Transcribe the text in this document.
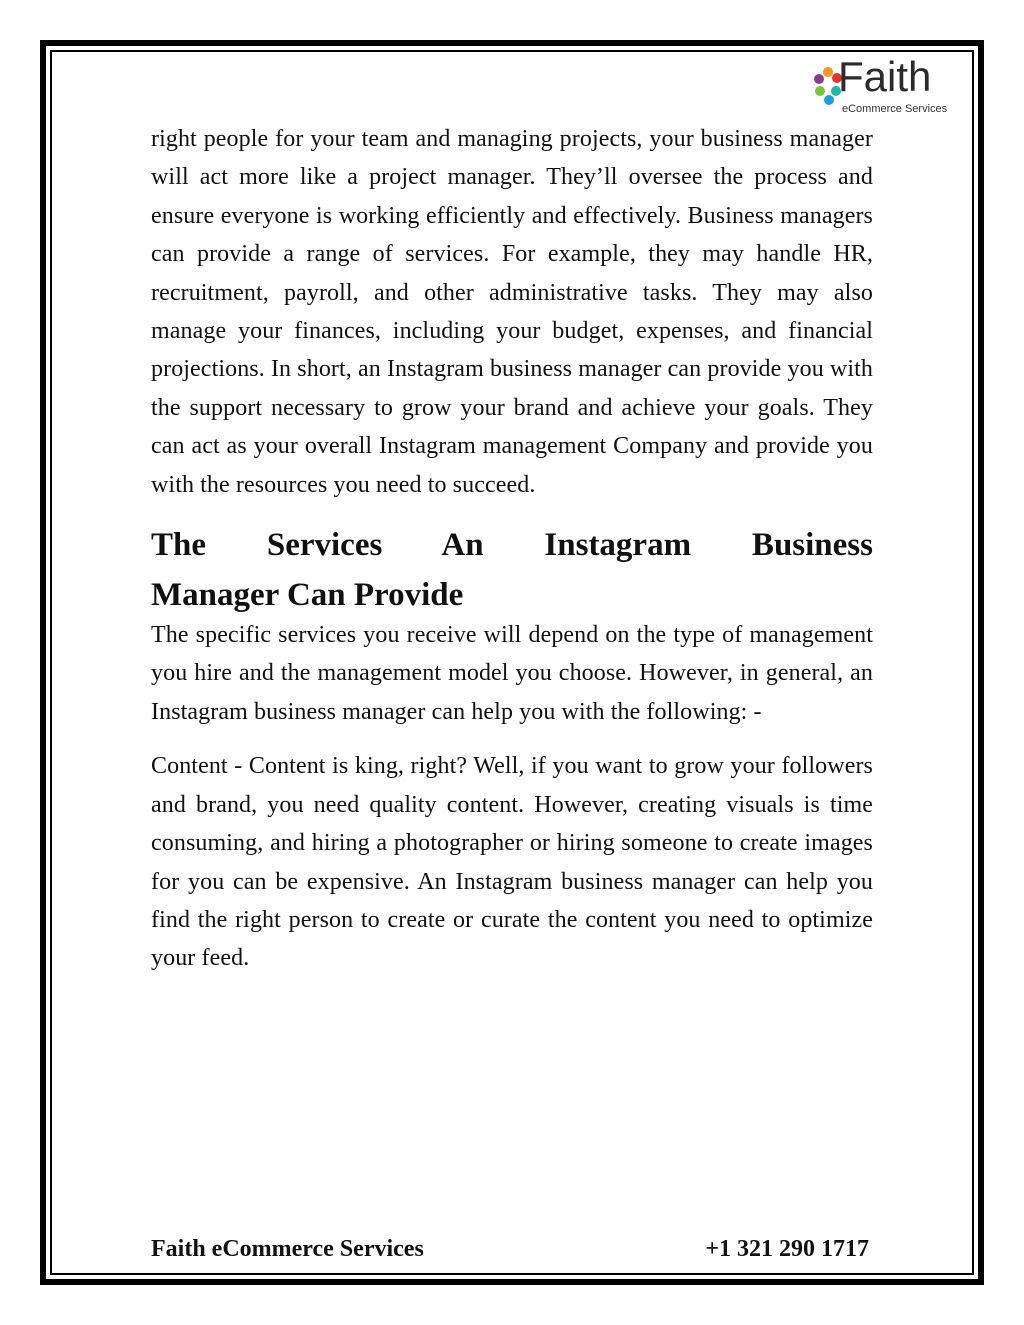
Faith
eCommerce Services

right people for your team and managing projects, your business manager will act more like a project manager. They’ll oversee the process and ensure everyone is working efficiently and effectively. Business managers can provide a range of services. For example, they may handle HR, recruitment, payroll, and other administrative tasks. They may also manage your finances, including your budget, expenses, and financial projections. In short, an Instagram business manager can provide you with the support necessary to grow your brand and achieve your goals. They can act as your overall Instagram management Company and provide you with the resources you need to succeed.

The Services An Instagram Business
Manager Can Provide

The specific services you receive will depend on the type of management you hire and the management model you choose. However, in general, an Instagram business manager can help you with the following: -

Content - Content is king, right? Well, if you want to grow your followers and brand, you need quality content. However, creating visuals is time consuming, and hiring a photographer or hiring someone to create images for you can be expensive. An Instagram business manager can help you find the right person to create or curate the content you need to optimize your feed.

Faith eCommerce Services	+1 321 290 1717
